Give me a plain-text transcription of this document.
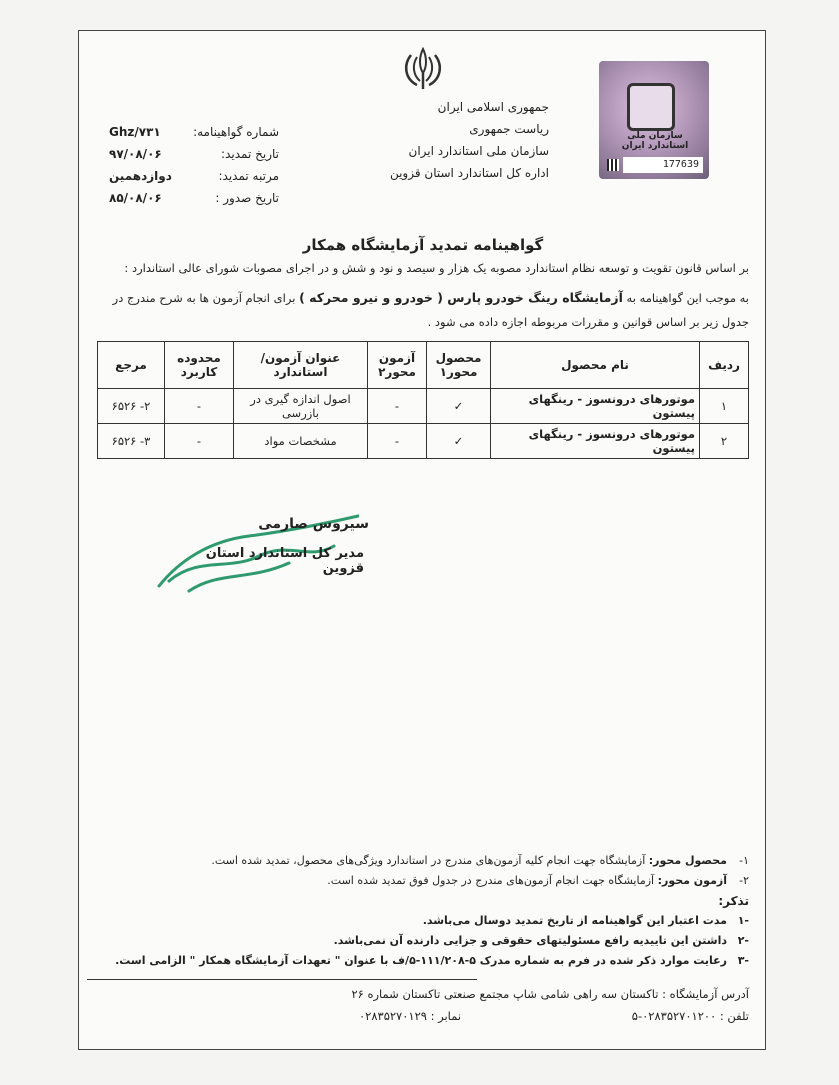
جمهوری اسلامی ایران
ریاست جمهوری
سازمان ملی استاندارد ایران
اداره کل استاندارد استان قزوین
شماره گواهینامه:
Ghz/۷۳۱
تاریخ تمدید:
۹۷/۰۸/۰۶
مرتبه تمدید:
دوازدهمین
تاریخ صدور :
۸۵/۰۸/۰۶
سازمان ملی استاندارد ایران
177639
گواهینامه تمدید آزمایشگاه همکار
بر اساس قانون تقویت و توسعه نظام استاندارد مصوبه یک هزار و سیصد و نود و شش و در اجرای مصوبات شورای عالی استاندارد :
به موجب این گواهینامه به آزمایشگاه رینگ خودرو پارس ( خودرو و نیرو محرکه ) برای انجام آزمون ها به شرح مندرج در جدول زیر بر اساس قوانین و مقررات مربوطه اجازه داده می شود .
ردیف	نام محصول	محصول محور۱	آزمون محور۲	عنوان آزمون/استاندارد	محدوده کاربرد	مرجع
۱	موتورهای درونسوز - رینگهای پیستون	✓	-	اصول اندازه گیری در بازرسی	-	۲- ۶۵۲۶
۲	موتورهای درونسوز - رینگهای پیستون	✓	-	مشخصات مواد	-	۳- ۶۵۲۶
سیروس صارمی
مدیر کل استاندارد استان قزوین
۱-
محصول محور: آزمایشگاه جهت انجام کلیه آزمون‌های مندرج در استاندارد ویژگی‌های محصول، تمدید شده است.
۲-
آزمون محور: آزمایشگاه جهت انجام آزمون‌های مندرج در جدول فوق تمدید شده است.
تذکر:
-۱
مدت اعتبار این گواهینامه از تاریخ تمدید دوسال می‌باشد.
-۲
داشتن این تاییدیه رافع مسئولیتهای حقوقی و جزایی دارنده آن نمی‌باشد.
-۳
رعایت موارد ذکر شده در فرم به شماره مدرک ۵-۱۱۱/۲۰۸-۵/ف با عنوان " تعهدات آزمایشگاه همکار " الزامی است.
آدرس آزمایشگاه : تاکستان سه راهی شامی شاپ مجتمع صنعتی تاکستان شماره ۲۶
تلفن : ۰۲۸۳۵۲۷۰۱۲۰۰-۵
نمابر : ۰۲۸۳۵۲۷۰۱۲۹
